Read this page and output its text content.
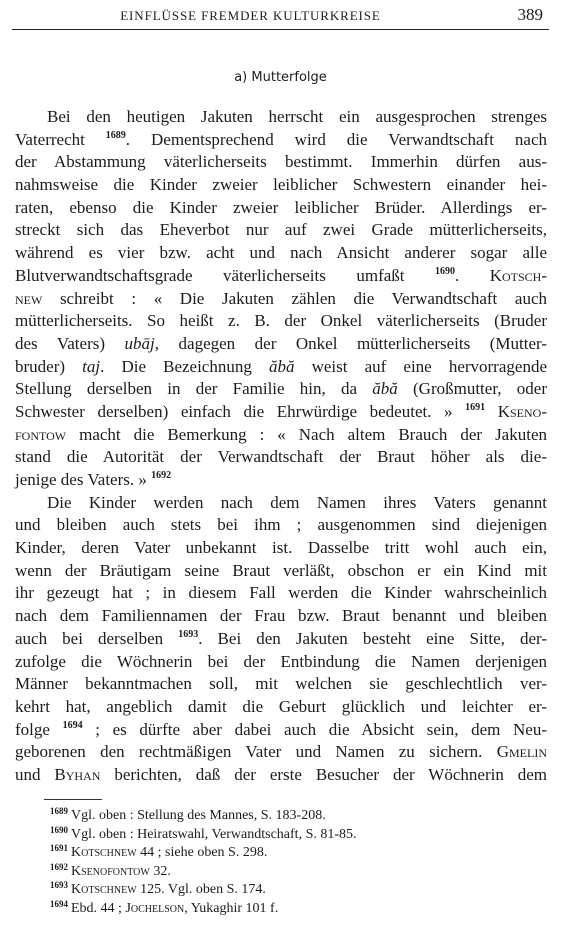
EINFLÜSSE FREMDER KULTURKREISE	389
a) Mutterfolge
Bei den heutigen Jakuten herrscht ein ausgesprochen strenges
Vaterrecht $^{1689}$. Dementsprechend wird die Verwandtschaft nach
der Abstammung väterlicherseits bestimmt. Immerhin dürfen aus-
nahmsweise die Kinder zweier leiblicher Schwestern einander hei-
raten, ebenso die Kinder zweier leiblicher Brüder. Allerdings er-
streckt sich das Eheverbot nur auf zwei Grade mütterlicherseits,
während es vier bzw. acht und nach Ansicht anderer sogar alle
Blutverwandtschaftsgrade väterlicherseits umfaßt $^{1690}$. Kotsch-
new schreibt : « Die Jakuten zählen die Verwandtschaft auch
mütterlicherseits. So heißt z. B. der Onkel väterlicherseits (Bruder
des Vaters) ubāj, dagegen der Onkel mütterlicherseits (Mutter-
bruder) taj. Die Bezeichnung ăbă weist auf eine hervorragende
Stellung derselben in der Familie hin, da ăbă (Großmutter, oder
Schwester derselben) einfach die Ehrwürdige bedeutet. » $^{1691}$ Kseno-
fontow macht die Bemerkung : « Nach altem Brauch der Jakuten
stand die Autorität der Verwandtschaft der Braut höher als die-
jenige des Vaters. » $^{1692}$
Die Kinder werden nach dem Namen ihres Vaters genannt
und bleiben auch stets bei ihm ; ausgenommen sind diejenigen
Kinder, deren Vater unbekannt ist. Dasselbe tritt wohl auch ein,
wenn der Bräutigam seine Braut verläßt, obschon er ein Kind mit
ihr gezeugt hat ; in diesem Fall werden die Kinder wahrscheinlich
nach dem Familiennamen der Frau bzw. Braut benannt und bleiben
auch bei derselben $^{1693}$. Bei den Jakuten besteht eine Sitte, der-
zufolge die Wöchnerin bei der Entbindung die Namen derjenigen
Männer bekanntmachen soll, mit welchen sie geschlechtlich ver-
kehrt hat, angeblich damit die Geburt glücklich und leichter er-
folge $^{1694}$ ; es dürfte aber dabei auch die Absicht sein, dem Neu-
geborenen den rechtmäßigen Vater und Namen zu sichern. Gmelin
und Byhan berichten, daß der erste Besucher der Wöchnerin dem
1689 Vgl. oben : Stellung des Mannes, S. 183-208.
1690 Vgl. oben : Heiratswahl, Verwandtschaft, S. 81-85.
1691 Kotschnew 44 ; siehe oben S. 298.
1692 Ksenofontow 32.
1693 Kotschnew 125. Vgl. oben S. 174.
1694 Ebd. 44 ; Jochelson, Yukaghir 101 f.
